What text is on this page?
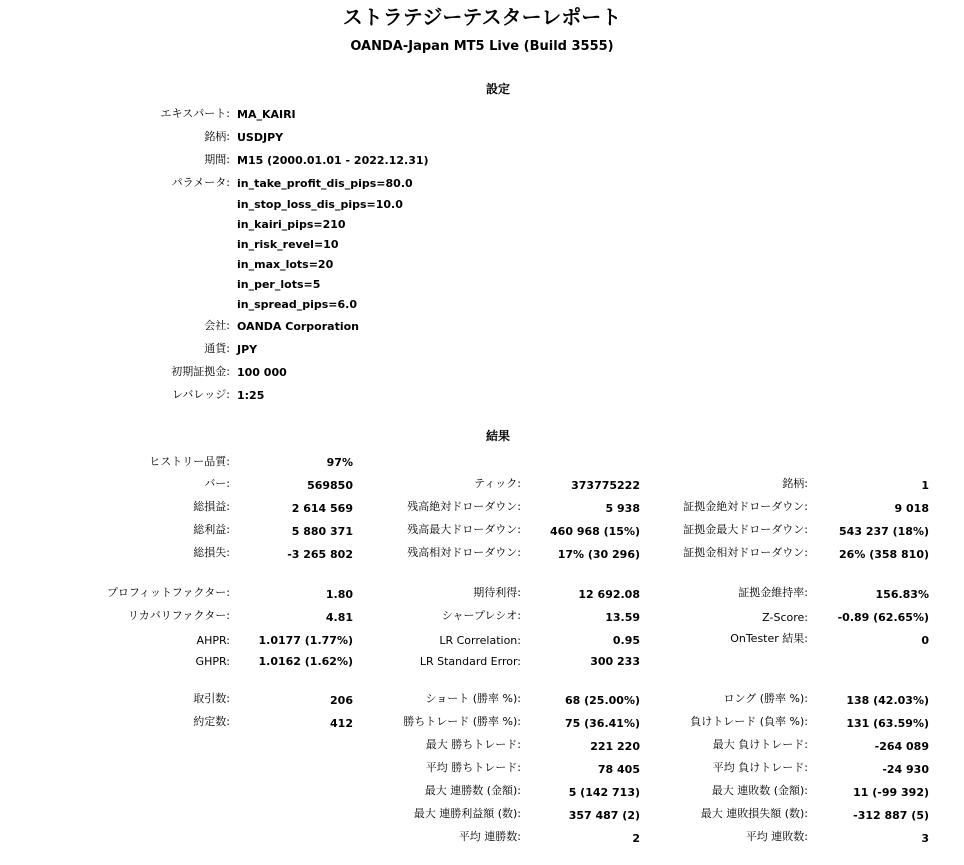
ストラテジーテスターレポート
OANDA-Japan MT5 Live (Build 3555)
設定
エキスパート: MA_KAIRI
銘柄: USDJPY
期間: M15 (2000.01.01 - 2022.12.31)
パラメータ: in_take_profit_dis_pips=80.0
in_stop_loss_dis_pips=10.0
in_kairi_pips=210
in_risk_revel=10
in_max_lots=20
in_per_lots=5
in_spread_pips=6.0
会社: OANDA Corporation
通貨: JPY
初期証拠金: 100 000
レバレッジ: 1:25
結果
ヒストリー品質:	97%
バー:	569850	ティック:	373775222	銘柄:	1
総損益:	2 614 569	残高絶対ドローダウン:	5 938	証拠金絶対ドローダウン:	9 018
総利益:	5 880 371	残高最大ドローダウン:	460 968 (15%)	証拠金最大ドローダウン:	543 237 (18%)
総損失:	-3 265 802	残高相対ドローダウン:	17% (30 296)	証拠金相対ドローダウン:	26% (358 810)
プロフィットファクター:	1.80	期待利得:	12 692.08	証拠金維持率:	156.83%
リカバリファクター:	4.81	シャープレシオ:	13.59	Z-Score:	-0.89 (62.65%)
AHPR:	1.0177 (1.77%)	LR Correlation:	0.95	OnTester 結果:	0
GHPR:	1.0162 (1.62%)	LR Standard Error:	300 233
取引数:	206	ショート (勝率 %):	68 (25.00%)	ロング (勝率 %):	138 (42.03%)
約定数:	412	勝ちトレード (勝率 %):	75 (36.41%)	負けトレード (負率 %):	131 (63.59%)
最大 勝ちトレード:	221 220	最大 負けトレード:	-264 089
平均 勝ちトレード:	78 405	平均 負けトレード:	-24 930
最大 連勝数 (金額):	5 (142 713)	最大 連敗数 (金額):	11 (-99 392)
最大 連勝利益額 (数):	357 487 (2)	最大 連敗損失額 (数):	-312 887 (5)
平均 連勝数:	2	平均 連敗数:	3
